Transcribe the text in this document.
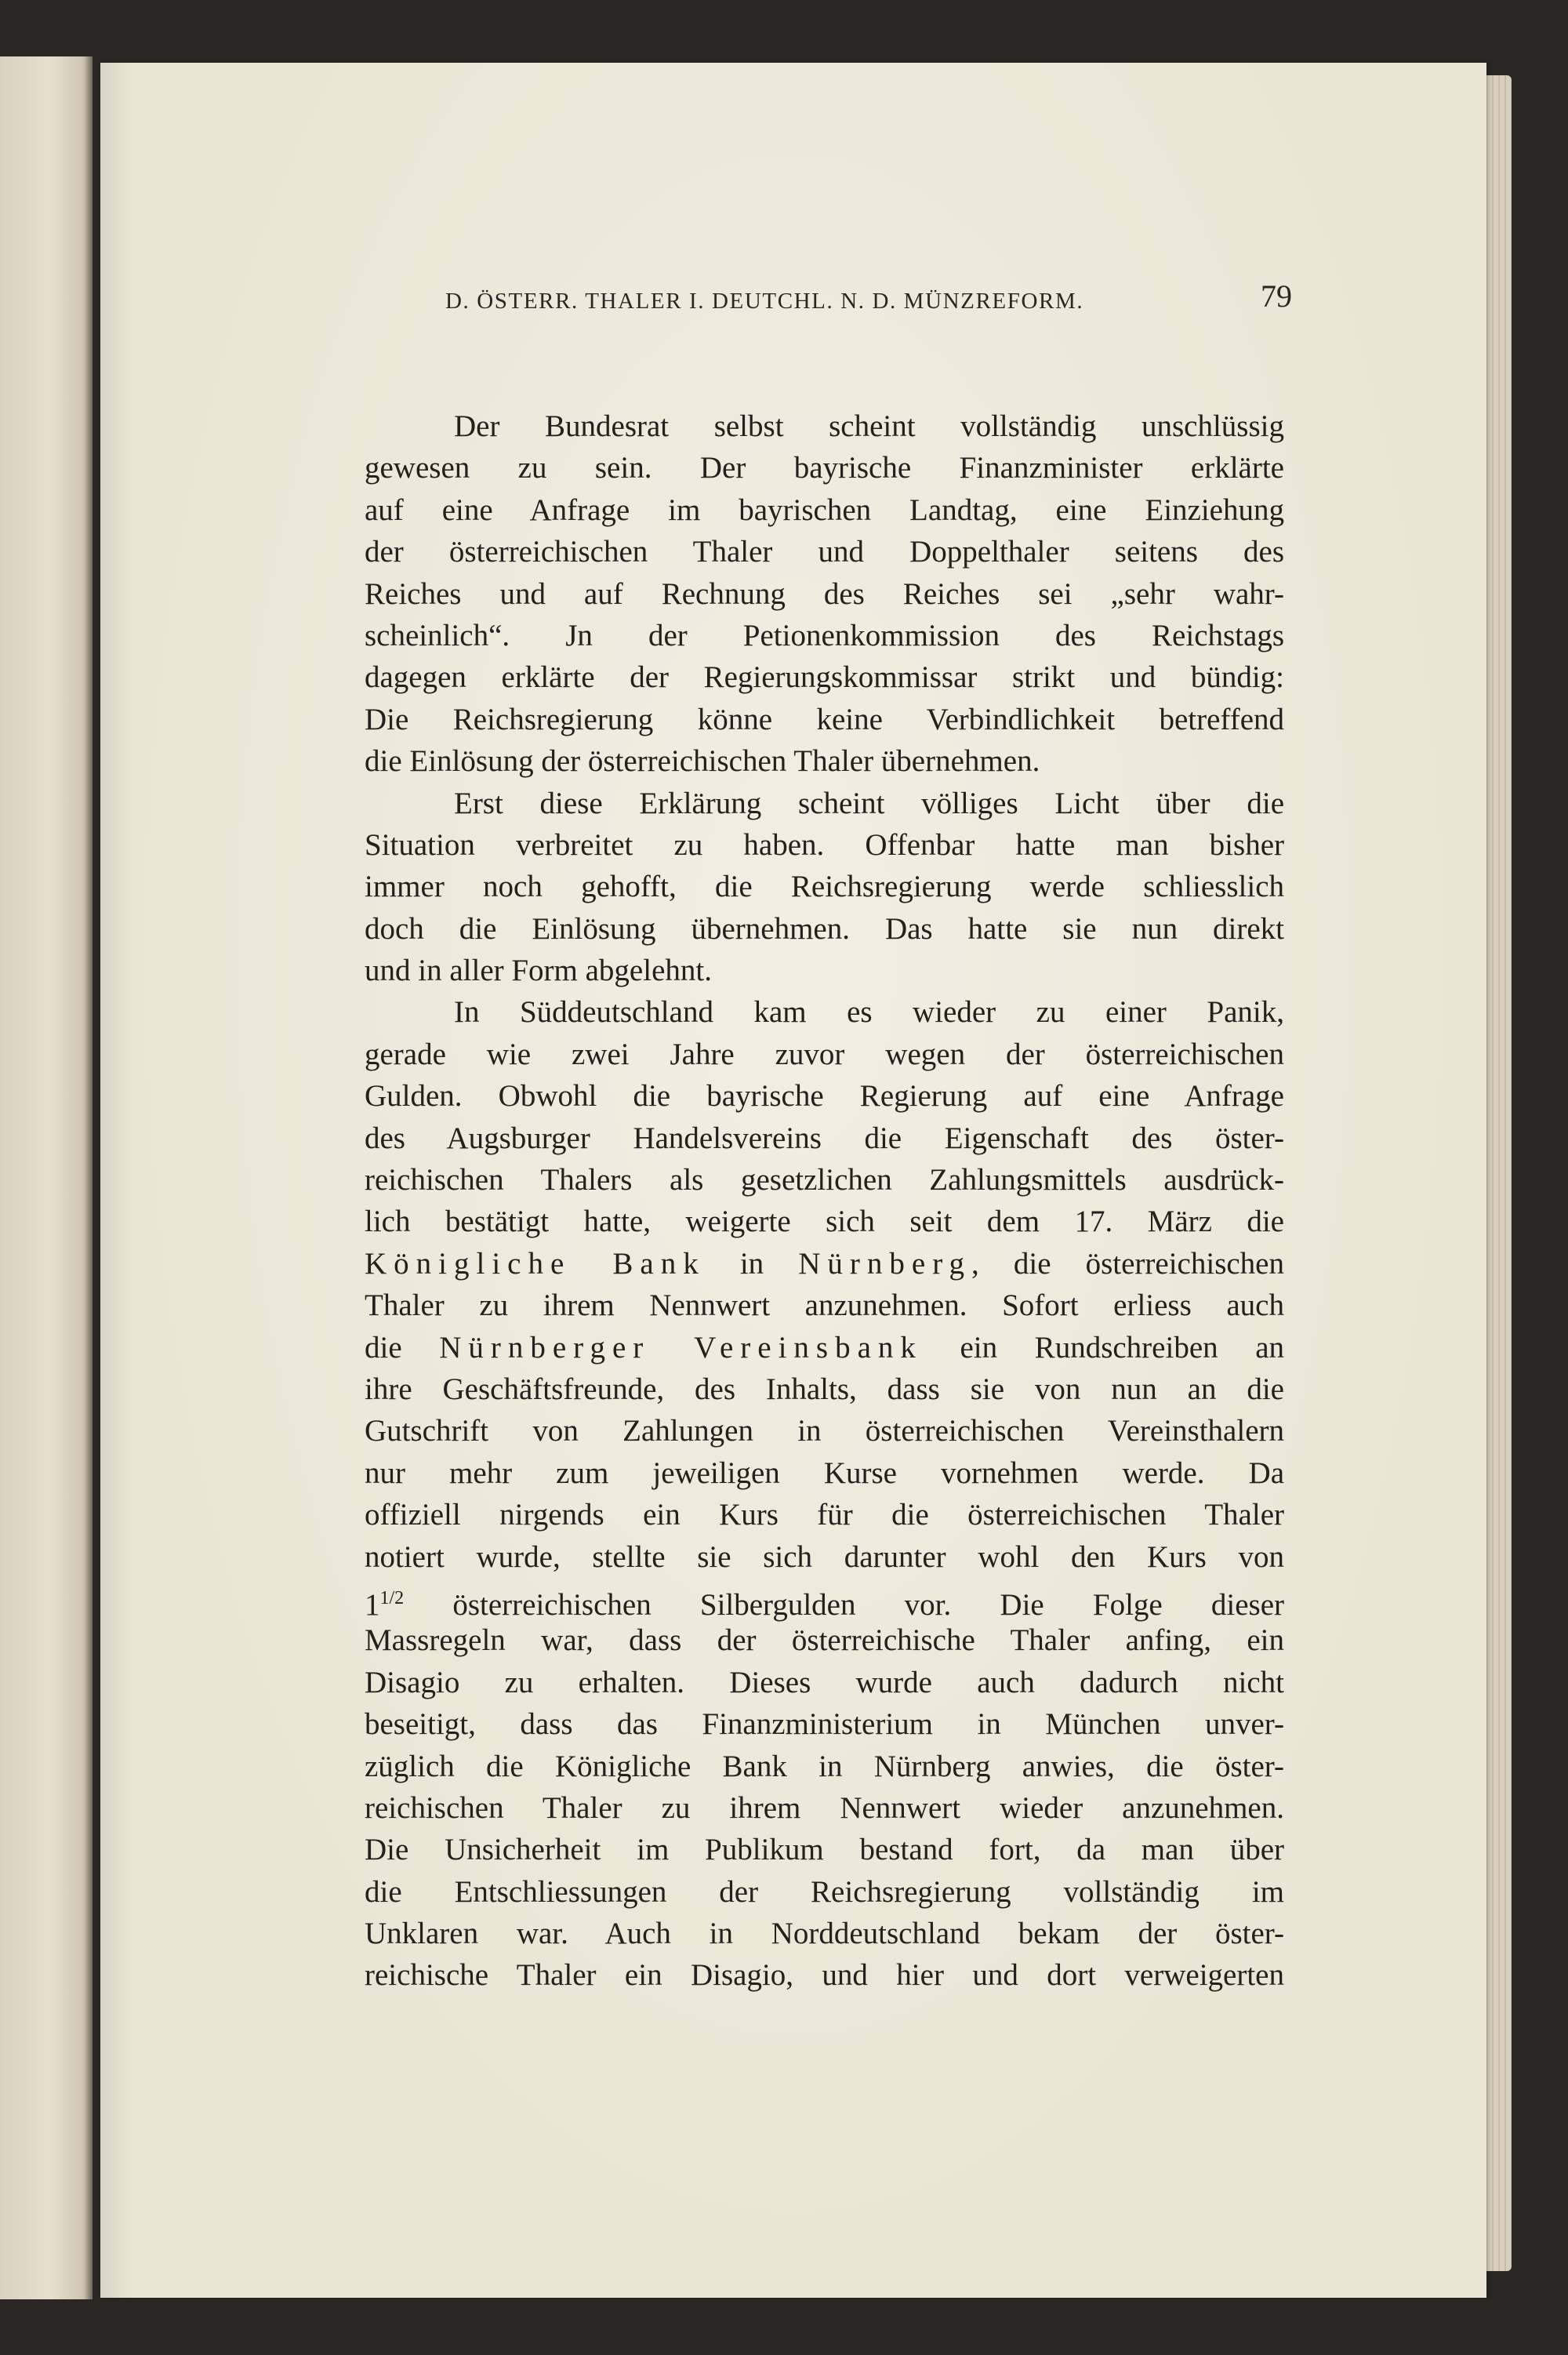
D. ÖSTERR. THALER I. DEUTCHL. N. D. MÜNZREFORM.	79
Der Bundesrat selbst scheint vollständig unschlüssig
gewesen zu sein. Der bayrische Finanzminister erklärte
auf eine Anfrage im bayrischen Landtag, eine Einziehung
der österreichischen Thaler und Doppelthaler seitens des
Reiches und auf Rechnung des Reiches sei „sehr wahr-
scheinlich“. Jn der Petionenkommission des Reichstags
dagegen erklärte der Regierungskommissar strikt und bündig:
Die Reichsregierung könne keine Verbindlichkeit betreffend
die Einlösung der österreichischen Thaler übernehmen.
Erst diese Erklärung scheint völliges Licht über die
Situation verbreitet zu haben. Offenbar hatte man bisher
immer noch gehofft, die Reichsregierung werde schliesslich
doch die Einlösung übernehmen. Das hatte sie nun direkt
und in aller Form abgelehnt.
In Süddeutschland kam es wieder zu einer Panik,
gerade wie zwei Jahre zuvor wegen der österreichischen
Gulden. Obwohl die bayrische Regierung auf eine Anfrage
des Augsburger Handelsvereins die Eigenschaft des öster-
reichischen Thalers als gesetzlichen Zahlungsmittels ausdrück-
lich bestätigt hatte, weigerte sich seit dem 17. März die
Königliche Bank in Nürnberg, die österreichischen
Thaler zu ihrem Nennwert anzunehmen. Sofort erliess auch
die Nürnberger Vereinsbank ein Rundschreiben an
ihre Geschäftsfreunde, des Inhalts, dass sie von nun an die
Gutschrift von Zahlungen in österreichischen Vereinsthalern
nur mehr zum jeweiligen Kurse vornehmen werde. Da
offiziell nirgends ein Kurs für die österreichischen Thaler
notiert wurde, stellte sie sich darunter wohl den Kurs von
$1^{1/2}$ österreichischen Silbergulden vor. Die Folge dieser
Massregeln war, dass der österreichische Thaler anfing, ein
Disagio zu erhalten. Dieses wurde auch dadurch nicht
beseitigt, dass das Finanzministerium in München unver-
züglich die Königliche Bank in Nürnberg anwies, die öster-
reichischen Thaler zu ihrem Nennwert wieder anzunehmen.
Die Unsicherheit im Publikum bestand fort, da man über
die Entschliessungen der Reichsregierung vollständig im
Unklaren war. Auch in Norddeutschland bekam der öster-
reichische Thaler ein Disagio, und hier und dort verweigerten
